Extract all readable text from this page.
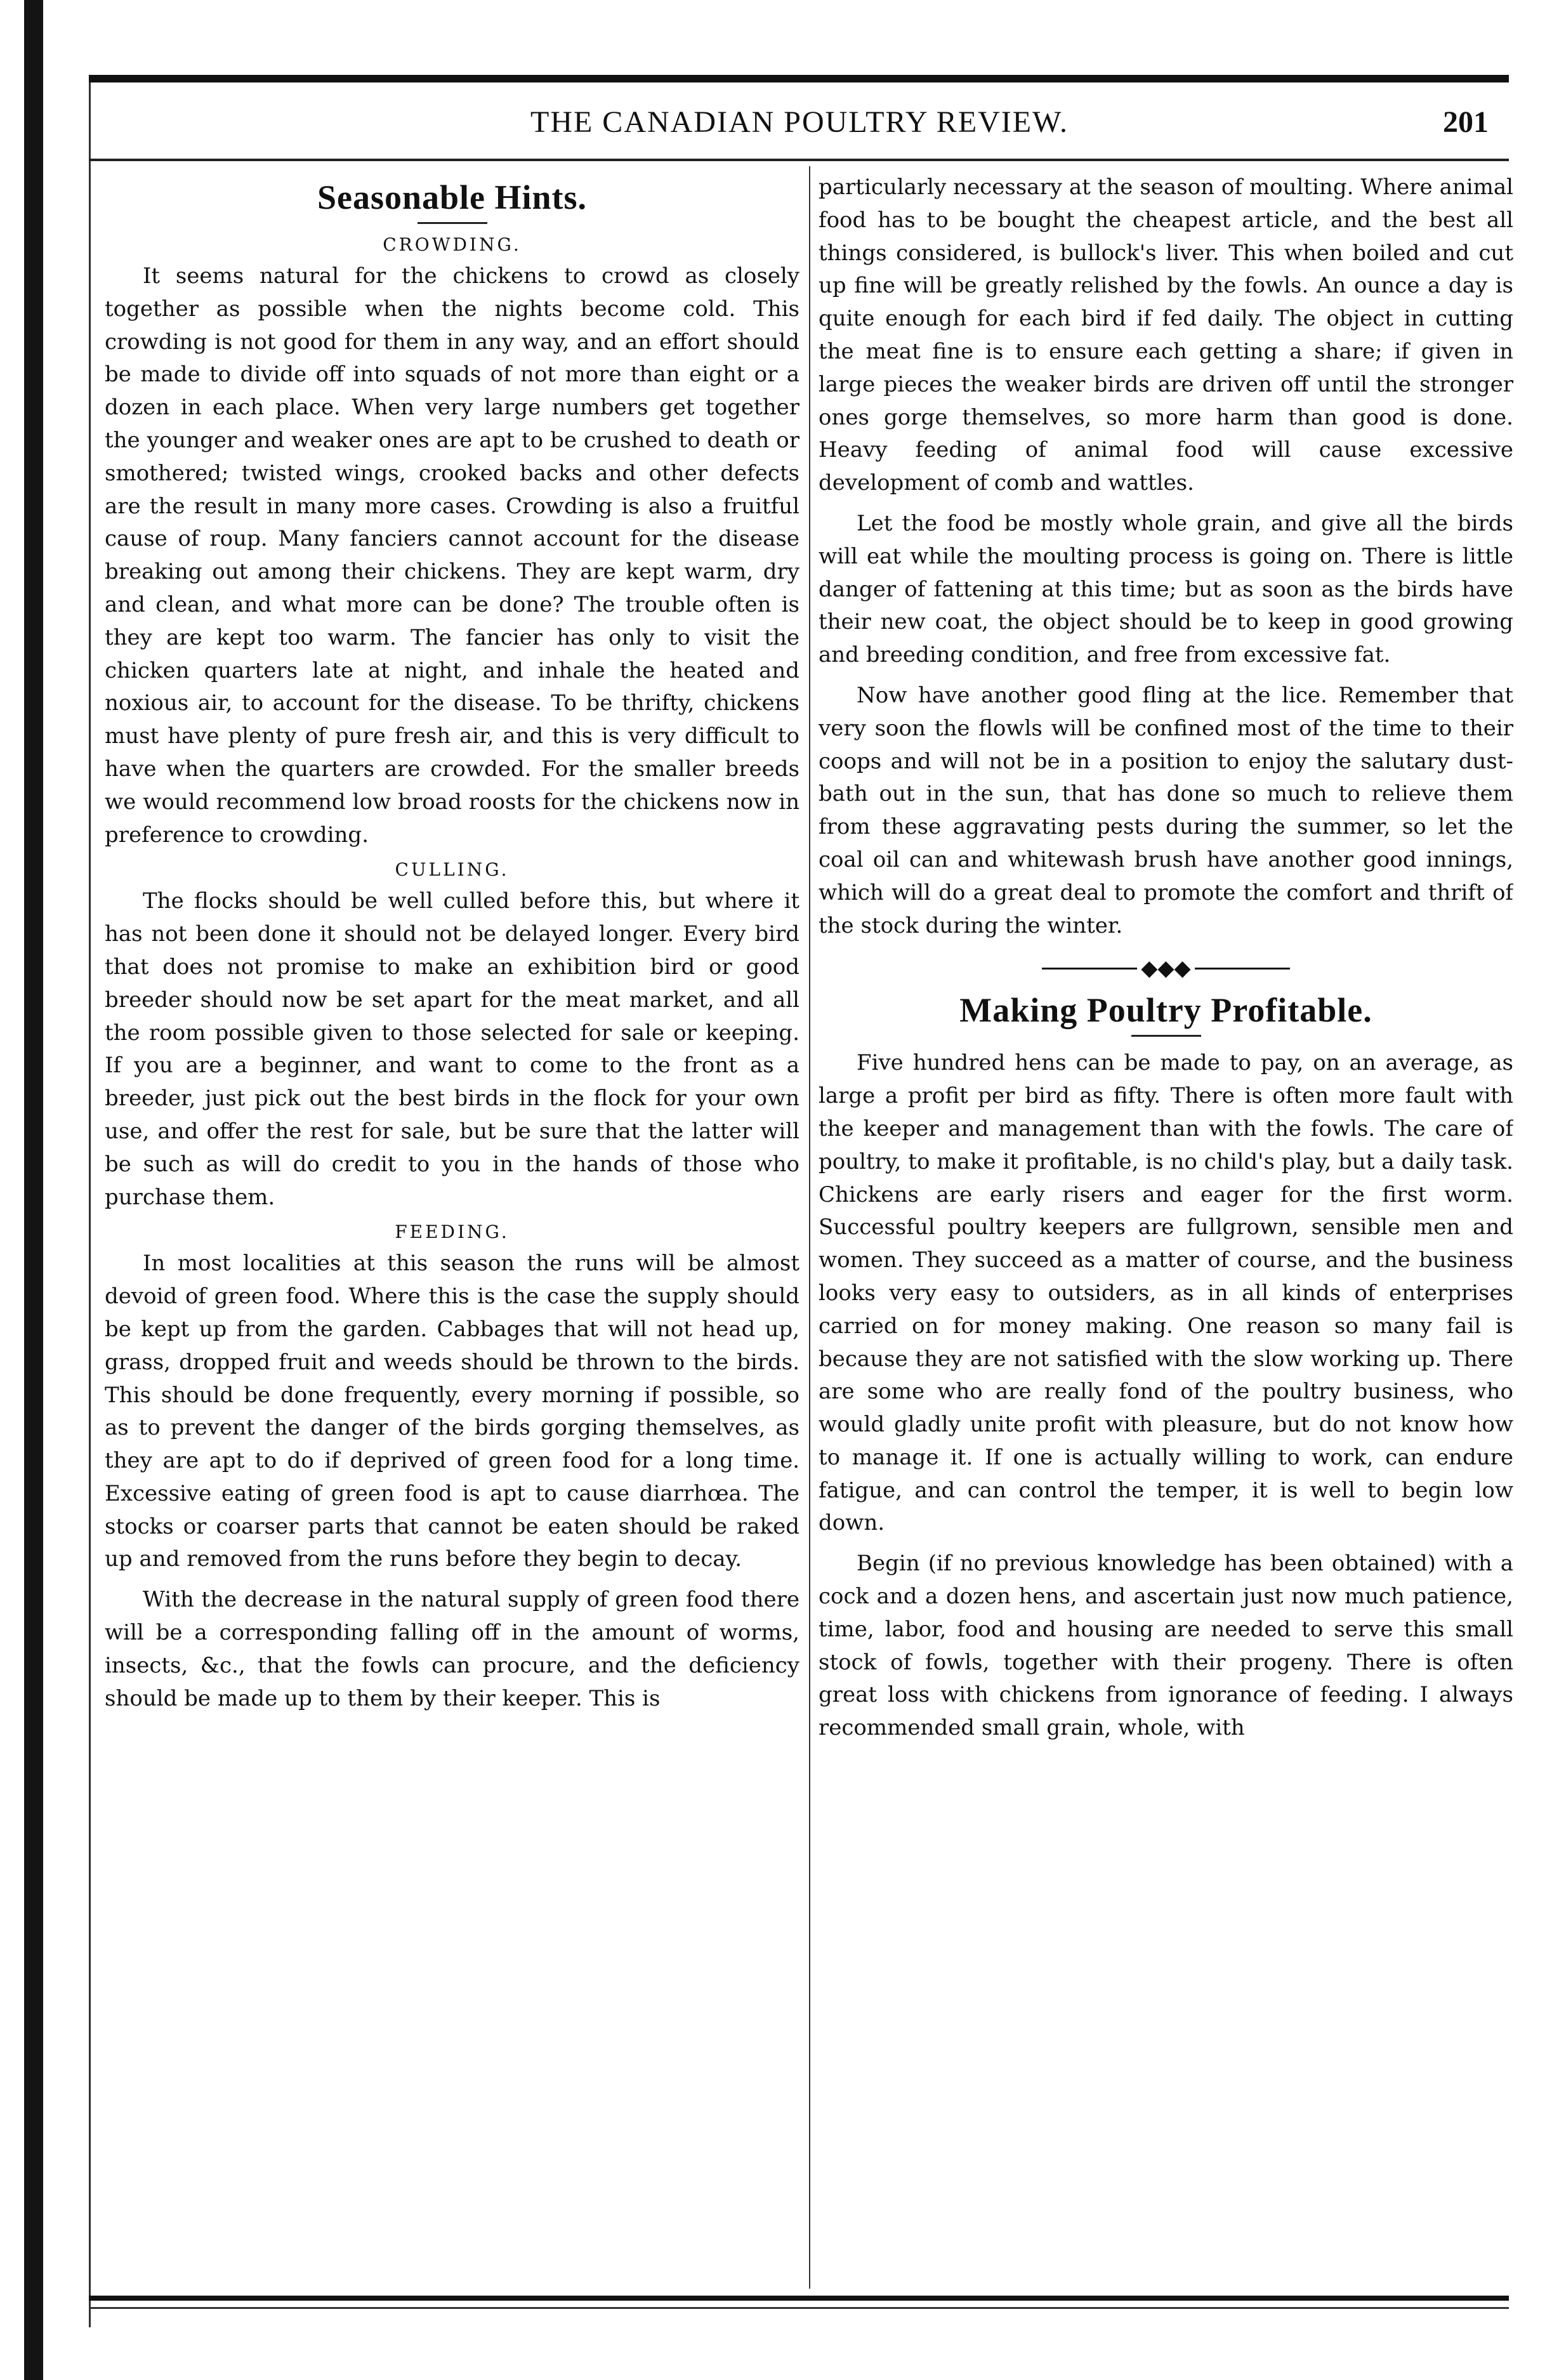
THE CANADIAN POULTRY REVIEW.	201
Seasonable Hints.
CROWDING.

It seems natural for the chickens to crowd as closely together as possible when the nights become cold. This crowding is not good for them in any way, and an effort should be made to divide off into squads of not more than eight or a dozen in each place. When very large numbers get together the younger and weaker ones are apt to be crushed to death or smothered; twisted wings, crooked backs and other defects are the result in many more cases. Crowding is also a fruitful cause of roup. Many fanciers cannot account for the disease breaking out among their chickens. They are kept warm, dry and clean, and what more can be done? The trouble often is they are kept too warm. The fancier has only to visit the chicken quarters late at night, and inhale the heated and noxious air, to account for the disease. To be thrifty, chickens must have plenty of pure fresh air, and this is very difficult to have when the quarters are crowded. For the smaller breeds we would recommend low broad roosts for the chickens now in preference to crowding.

CULLING.

The flocks should be well culled before this, but where it has not been done it should not be delayed longer. Every bird that does not promise to make an exhibition bird or good breeder should now be set apart for the meat market, and all the room possible given to those selected for sale or keeping. If you are a beginner, and want to come to the front as a breeder, just pick out the best birds in the flock for your own use, and offer the rest for sale, but be sure that the latter will be such as will do credit to you in the hands of those who purchase them.

FEEDING.

In most localities at this season the runs will be almost devoid of green food. Where this is the case the supply should be kept up from the garden. Cabbages that will not head up, grass, dropped fruit and weeds should be thrown to the birds. This should be done frequently, every morning if possible, so as to prevent the danger of the birds gorging themselves, as they are apt to do if deprived of green food for a long time. Excessive eating of green food is apt to cause diarrhœa. The stocks or coarser parts that cannot be eaten should be raked up and removed from the runs before they begin to decay.

With the decrease in the natural supply of green food there will be a corresponding falling off in the amount of worms, insects, &c., that the fowls can procure, and the deficiency should be made up to them by their keeper. This is

particularly necessary at the season of moulting. Where animal food has to be bought the cheapest article, and the best all things considered, is bullock's liver. This when boiled and cut up fine will be greatly relished by the fowls. An ounce a day is quite enough for each bird if fed daily. The object in cutting the meat fine is to ensure each getting a share; if given in large pieces the weaker birds are driven off until the stronger ones gorge themselves, so more harm than good is done. Heavy feeding of animal food will cause excessive development of comb and wattles.

Let the food be mostly whole grain, and give all the birds will eat while the moulting process is going on. There is little danger of fattening at this time; but as soon as the birds have their new coat, the object should be to keep in good growing and breeding condition, and free from excessive fat.

Now have another good fling at the lice. Remember that very soon the flowls will be confined most of the time to their coops and will not be in a position to enjoy the salutary dust-bath out in the sun, that has done so much to relieve them from these aggravating pests during the summer, so let the coal oil can and whitewash brush have another good innings, which will do a great deal to promote the comfort and thrift of the stock during the winter.

◆◆◆
Making Poultry Profitable.

Five hundred hens can be made to pay, on an average, as large a profit per bird as fifty. There is often more fault with the keeper and management than with the fowls. The care of poultry, to make it profitable, is no child's play, but a daily task. Chickens are early risers and eager for the first worm. Successful poultry keepers are fullgrown, sensible men and women. They succeed as a matter of course, and the business looks very easy to outsiders, as in all kinds of enterprises carried on for money making. One reason so many fail is because they are not satisfied with the slow working up. There are some who are really fond of the poultry business, who would gladly unite profit with pleasure, but do not know how to manage it. If one is actually willing to work, can endure fatigue, and can control the temper, it is well to begin low down.

Begin (if no previous knowledge has been obtained) with a cock and a dozen hens, and ascertain just now much patience, time, labor, food and housing are needed to serve this small stock of fowls, together with their progeny. There is often great loss with chickens from ignorance of feeding. I always recommended small grain, whole, with
